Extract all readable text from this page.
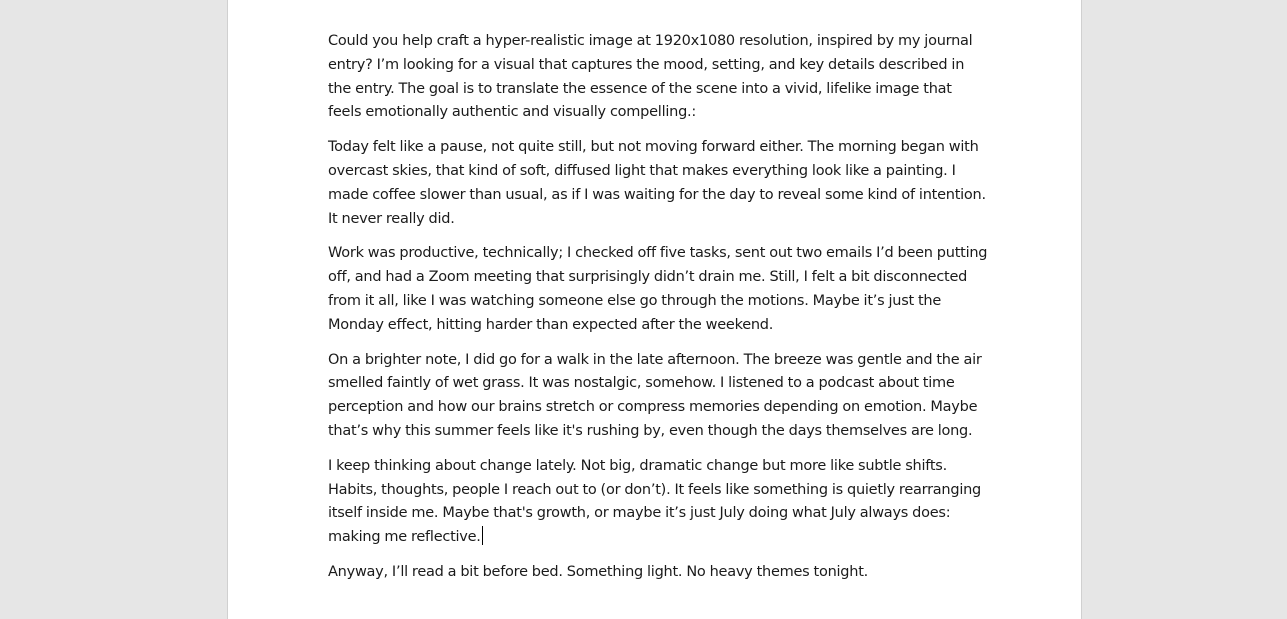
Could you help craft a hyper-realistic image at 1920x1080 resolution, inspired by my journal entry? I’m looking for a visual that captures the mood, setting, and key details described in the entry. The goal is to translate the essence of the scene into a vivid, lifelike image that feels emotionally authentic and visually compelling.:

Today felt like a pause, not quite still, but not moving forward either. The morning began with overcast skies, that kind of soft, diffused light that makes everything look like a painting. I made coffee slower than usual, as if I was waiting for the day to reveal some kind of intention. It never really did.

Work was productive, technically; I checked off five tasks, sent out two emails I’d been putting off, and had a Zoom meeting that surprisingly didn’t drain me. Still, I felt a bit disconnected from it all, like I was watching someone else go through the motions. Maybe it’s just the Monday effect, hitting harder than expected after the weekend.

On a brighter note, I did go for a walk in the late afternoon. The breeze was gentle and the air smelled faintly of wet grass. It was nostalgic, somehow. I listened to a podcast about time perception and how our brains stretch or compress memories depending on emotion. Maybe that’s why this summer feels like it's rushing by, even though the days themselves are long.

I keep thinking about change lately. Not big, dramatic change but more like subtle shifts. Habits, thoughts, people I reach out to (or don’t). It feels like something is quietly rearranging itself inside me. Maybe that's growth, or maybe it’s just July doing what July always does: making me reflective.

Anyway, I’ll read a bit before bed. Something light. No heavy themes tonight.
